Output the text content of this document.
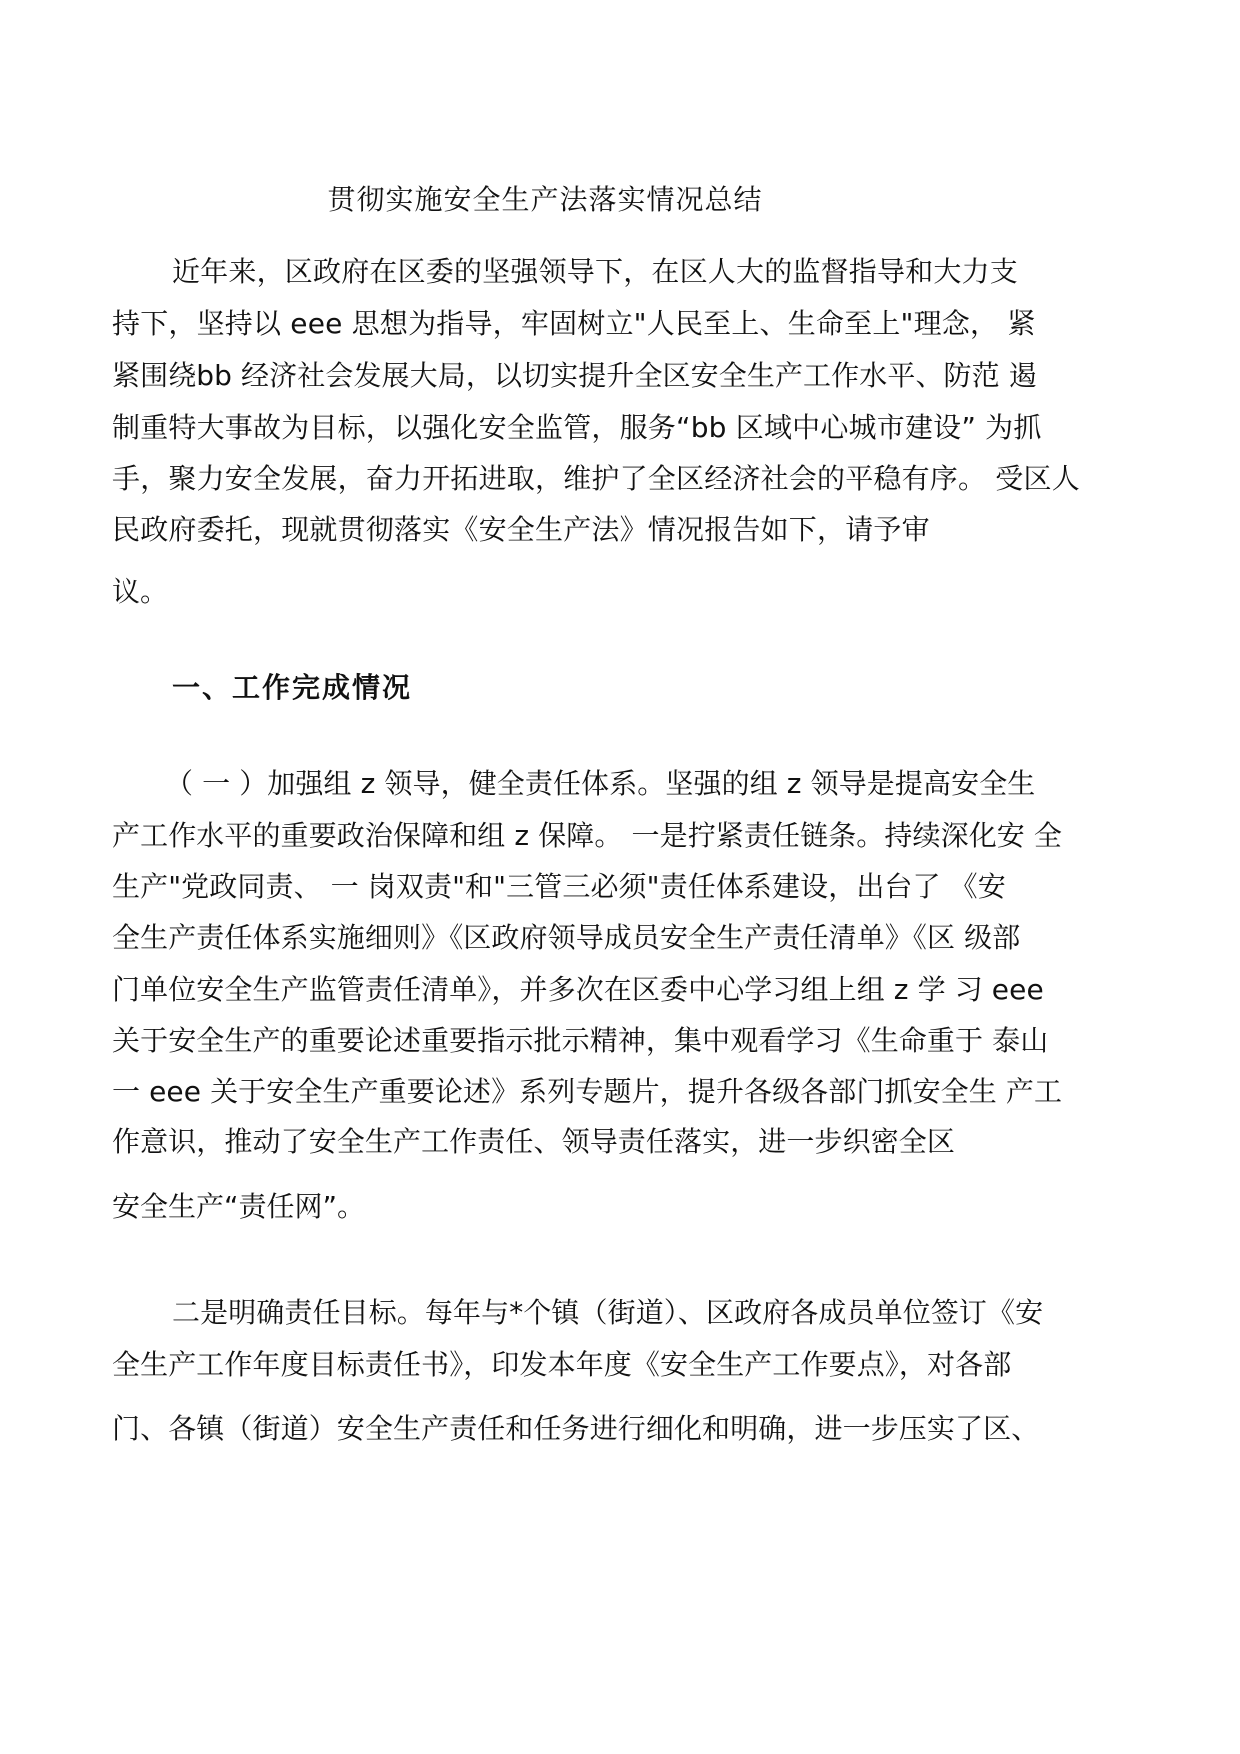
贯彻实施安全生产法落实情况总结
近年来，区政府在区委的坚强领导下，在区人大的监督指导和大力支
持下，坚持以 eee 思想为指导，牢固树立"人民至上、生命至上"理念， 紧
紧围绕bb 经济社会发展大局，以切实提升全区安全生产工作水平、防范 遏
制重特大事故为目标，以强化安全监管，服务“bb 区域中心城市建设” 为抓
手，聚力安全发展，奋力开拓进取，维护了全区经济社会的平稳有序。 受区人
民政府委托，现就贯彻落实《安全生产法》情况报告如下，请予审
议。
一、工作完成情况
（ 一 ）加强组 z 领导，健全责任体系。坚强的组 z 领导是提高安全生
产工作水平的重要政治保障和组 z 保障。 一是拧紧责任链条。持续深化安 全
生产"党政同责、 一 岗双责"和"三管三必须"责任体系建设，出台了 《安
全生产责任体系实施细则》《区政府领导成员安全生产责任清单》《区 级部
门单位安全生产监管责任清单》，并多次在区委中心学习组上组 z 学 习 eee
关于安全生产的重要论述重要指示批示精神，集中观看学习《生命重于 泰山
一 eee 关于安全生产重要论述》系列专题片，提升各级各部门抓安全生 产工
作意识，推动了安全生产工作责任、领导责任落实，进一步织密全区
安全生产“责任网”。
二是明确责任目标。每年与*个镇（街道）、区政府各成员单位签订《安
全生产工作年度目标责任书》，印发本年度《安全生产工作要点》，对各部
门、各镇（街道）安全生产责任和任务进行细化和明确，进一步压实了区、
